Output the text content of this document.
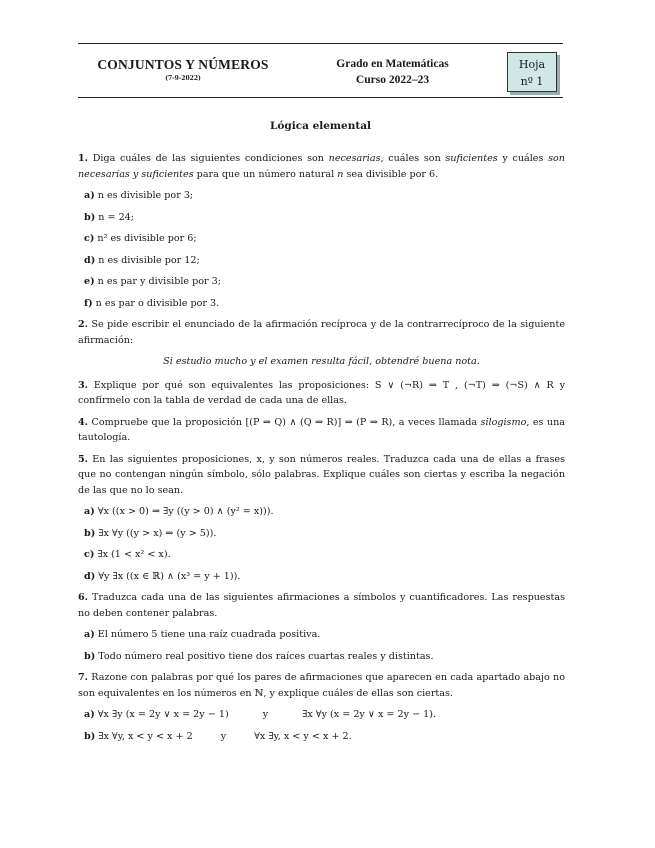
CONJUNTOS Y NÚMEROS
(7-9-2022)
Grado en Matemáticas
Curso 2022–23
Hoja
nº 1
Lógica elemental
1. Diga cuáles de las siguientes condiciones son necesarias, cuáles son suficientes y cuáles son necesarias y suficientes para que un número natural n sea divisible por 6.
a) n es divisible por 3;
b) n = 24;
c) n² es divisible por 6;
d) n es divisible por 12;
e) n es par y divisible por 3;
f) n es par o divisible por 3.
2. Se pide escribir el enunciado de la afirmación recíproca y de la contrarrecíproco de la siguiente afirmación:
Si estudio mucho y el examen resulta fácil, obtendré buena nota.
3. Explique por qué son equivalentes las proposiciones: S ∨ (¬R) ⇒ T , (¬T) ⇒ (¬S) ∧ R y confírmelo con la tabla de verdad de cada una de ellas.
4. Compruebe que la proposición [(P ⇒ Q) ∧ (Q ⇒ R)] ⇒ (P ⇒ R), a veces llamada silogismo, es una tautología.
5. En las siguientes proposiciones, x, y son números reales. Traduzca cada una de ellas a frases que no contengan ningún símbolo, sólo palabras. Explique cuáles son ciertas y escriba la negación de las que no lo sean.
a) ∀x ((x > 0) ⇒ ∃y ((y > 0) ∧ (y² = x))).
b) ∃x ∀y ((y > x) ⇒ (y > 5)).
c) ∃x (1 < x² < x).
d) ∀y ∃x ((x ∈ ℝ) ∧ (x³ = y + 1)).
6. Traduzca cada una de las siguientes afirmaciones a símbolos y cuantificadores. Las respuestas no deben contener palabras.
a) El número 5 tiene una raíz cuadrada positiva.
b) Todo número real positivo tiene dos raíces cuartas reales y distintas.
7. Razone con palabras por qué los pares de afirmaciones que aparecen en cada apartado abajo no son equivalentes en los números en ℕ, y explique cuáles de ellas son ciertas.
a) ∀x ∃y (x = 2y ∨ x = 2y − 1)	y	∃x ∀y (x = 2y ∨ x = 2y − 1).
b) ∃x ∀y, x < y < x + 2	y	∀x ∃y, x < y < x + 2.
